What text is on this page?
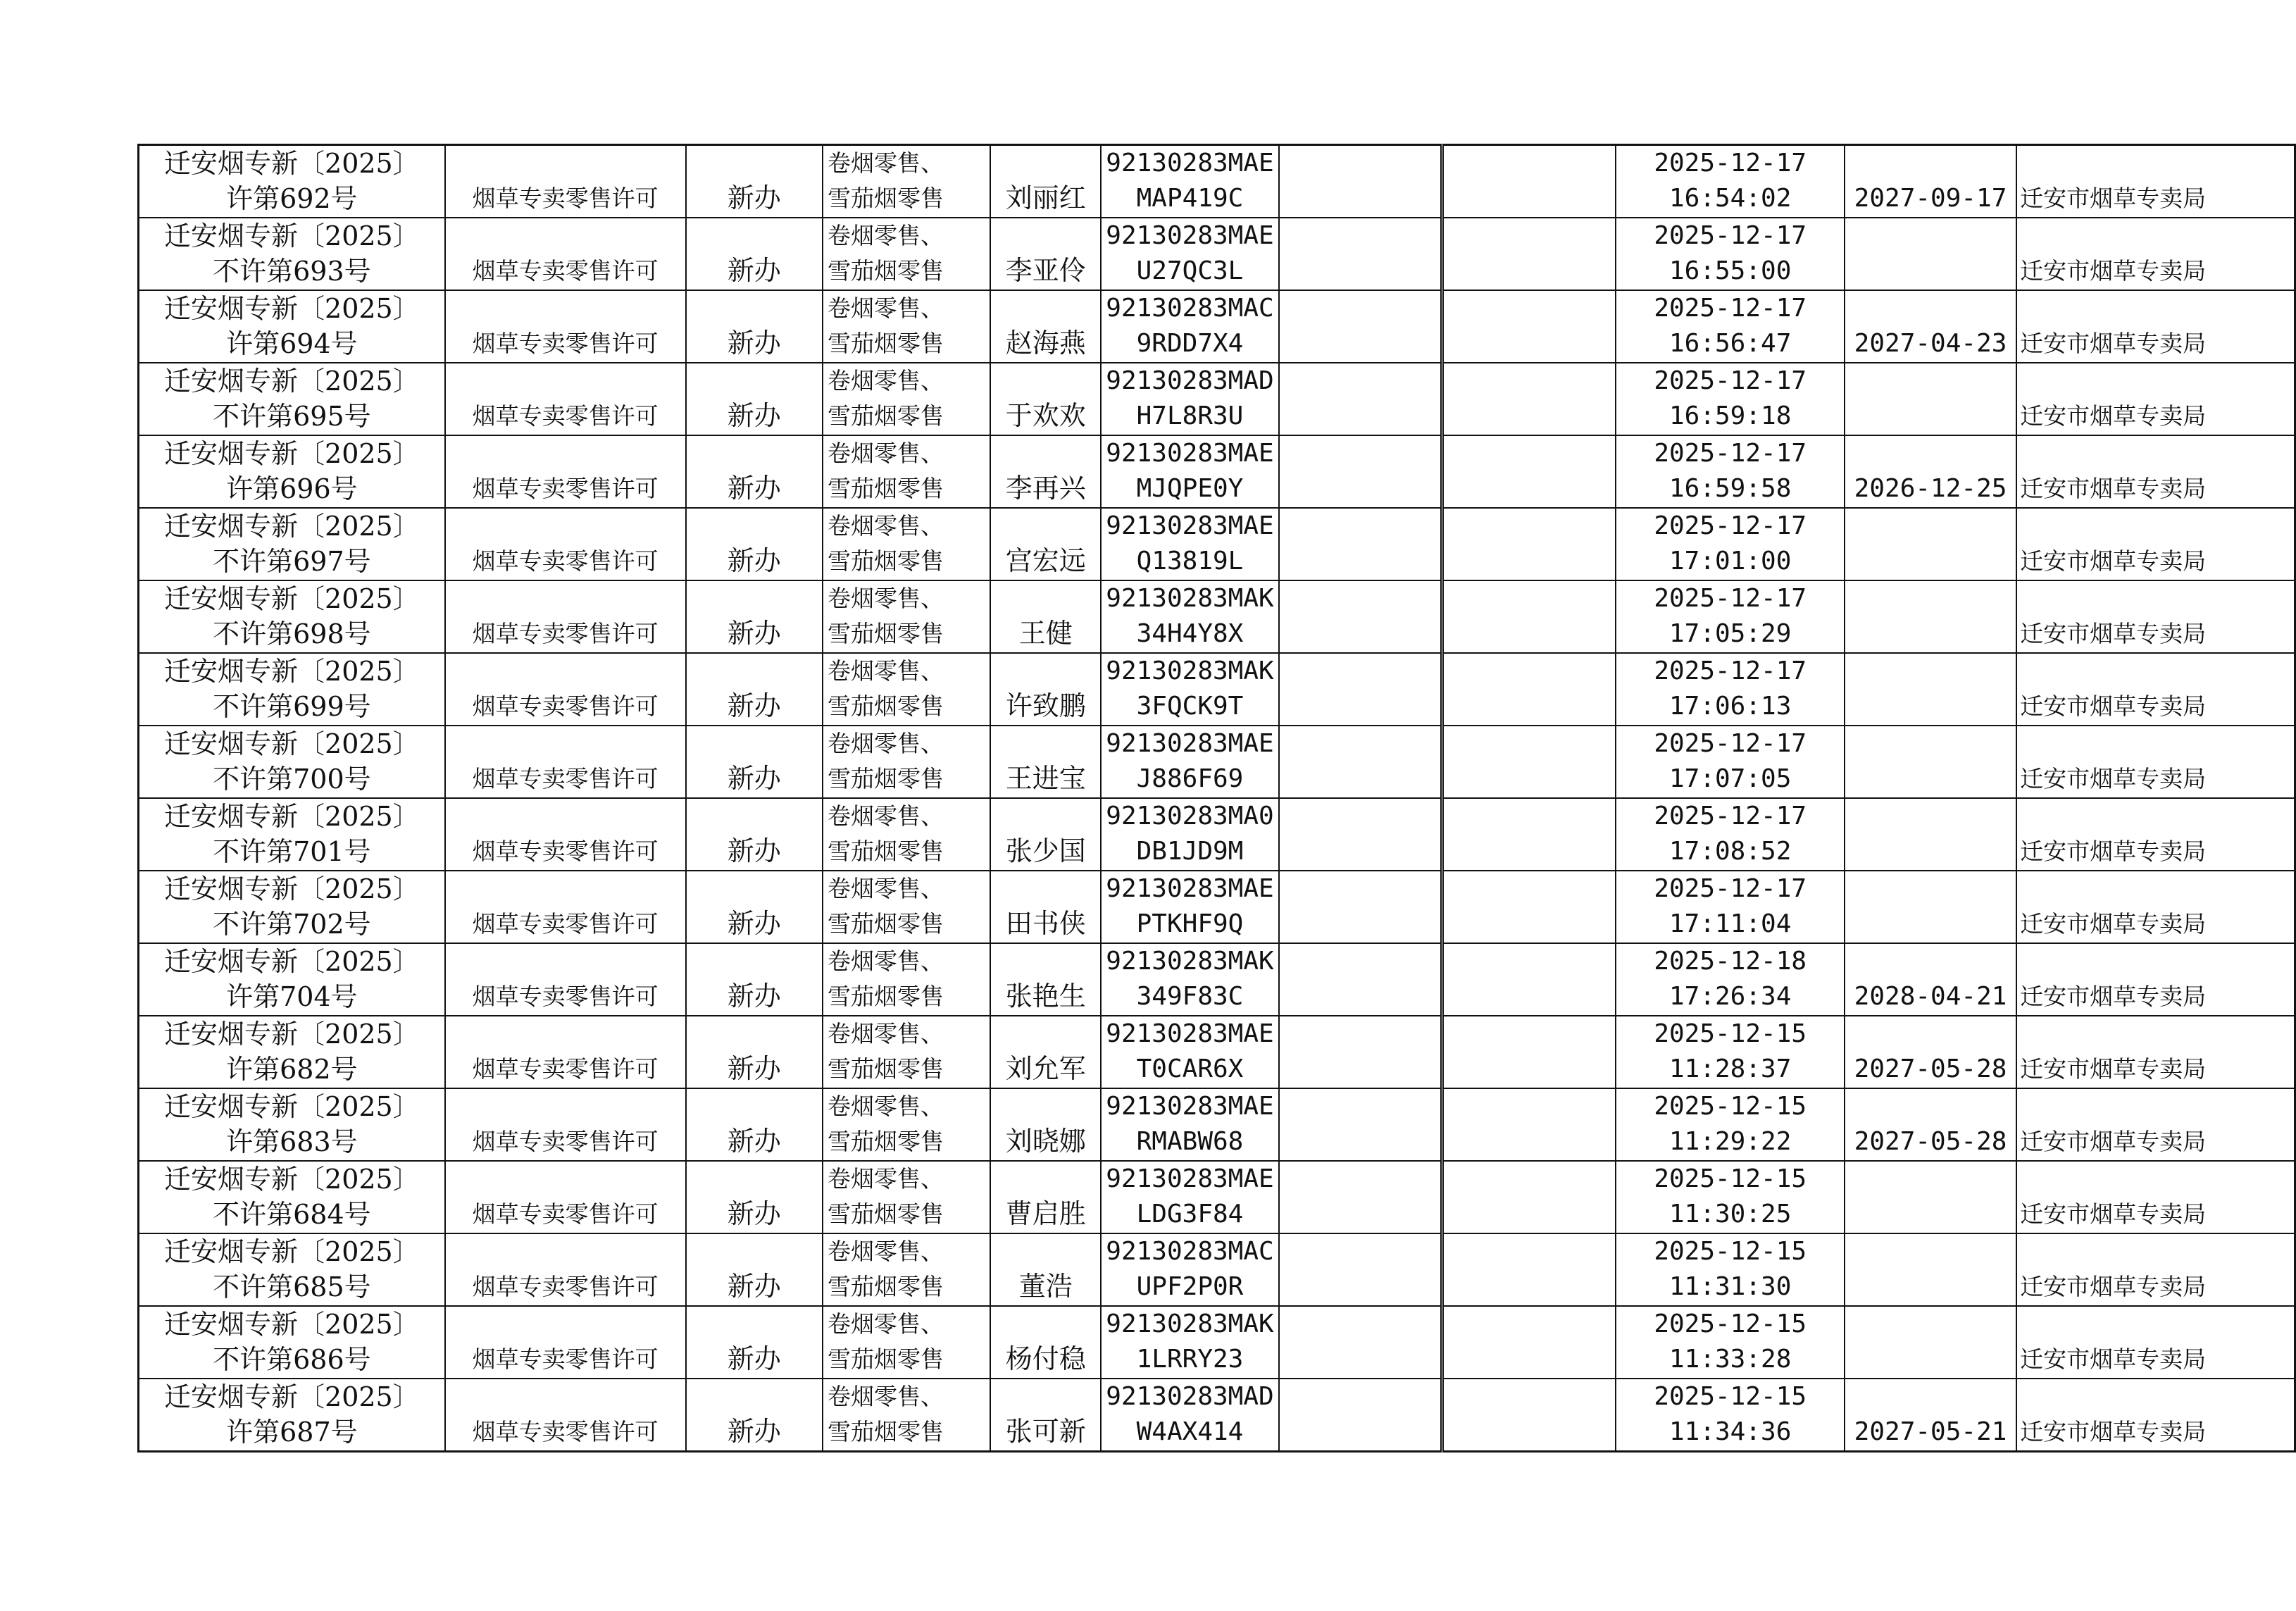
迁安烟专新〔2025〕
许第692号	烟草专卖零售许可	新办	卷烟零售、
雪茄烟零售	刘丽红	92130283MAE
MAP419C			2025-12-17
16:54:02	2027-09-17	迁安市烟草专卖局

迁安烟专新〔2025〕
不许第693号	烟草专卖零售许可	新办	卷烟零售、
雪茄烟零售	李亚伶	92130283MAE
U27QC3L			2025-12-17
16:55:00		迁安市烟草专卖局

迁安烟专新〔2025〕
许第694号	烟草专卖零售许可	新办	卷烟零售、
雪茄烟零售	赵海燕	92130283MAC
9RDD7X4			2025-12-17
16:56:47	2027-04-23	迁安市烟草专卖局

迁安烟专新〔2025〕
不许第695号	烟草专卖零售许可	新办	卷烟零售、
雪茄烟零售	于欢欢	92130283MAD
H7L8R3U			2025-12-17
16:59:18		迁安市烟草专卖局

迁安烟专新〔2025〕
许第696号	烟草专卖零售许可	新办	卷烟零售、
雪茄烟零售	李再兴	92130283MAE
MJQPE0Y			2025-12-17
16:59:58	2026-12-25	迁安市烟草专卖局

迁安烟专新〔2025〕
不许第697号	烟草专卖零售许可	新办	卷烟零售、
雪茄烟零售	宫宏远	92130283MAE
Q13819L			2025-12-17
17:01:00		迁安市烟草专卖局

迁安烟专新〔2025〕
不许第698号	烟草专卖零售许可	新办	卷烟零售、
雪茄烟零售	王健	92130283MAK
34H4Y8X			2025-12-17
17:05:29		迁安市烟草专卖局

迁安烟专新〔2025〕
不许第699号	烟草专卖零售许可	新办	卷烟零售、
雪茄烟零售	许致鹏	92130283MAK
3FQCK9T			2025-12-17
17:06:13		迁安市烟草专卖局

迁安烟专新〔2025〕
不许第700号	烟草专卖零售许可	新办	卷烟零售、
雪茄烟零售	王进宝	92130283MAE
J886F69			2025-12-17
17:07:05		迁安市烟草专卖局

迁安烟专新〔2025〕
不许第701号	烟草专卖零售许可	新办	卷烟零售、
雪茄烟零售	张少国	92130283MA0
DB1JD9M			2025-12-17
17:08:52		迁安市烟草专卖局

迁安烟专新〔2025〕
不许第702号	烟草专卖零售许可	新办	卷烟零售、
雪茄烟零售	田书侠	92130283MAE
PTKHF9Q			2025-12-17
17:11:04		迁安市烟草专卖局

迁安烟专新〔2025〕
许第704号	烟草专卖零售许可	新办	卷烟零售、
雪茄烟零售	张艳生	92130283MAK
349F83C			2025-12-18
17:26:34	2028-04-21	迁安市烟草专卖局

迁安烟专新〔2025〕
许第682号	烟草专卖零售许可	新办	卷烟零售、
雪茄烟零售	刘允军	92130283MAE
T0CAR6X			2025-12-15
11:28:37	2027-05-28	迁安市烟草专卖局

迁安烟专新〔2025〕
许第683号	烟草专卖零售许可	新办	卷烟零售、
雪茄烟零售	刘晓娜	92130283MAE
RMABW68			2025-12-15
11:29:22	2027-05-28	迁安市烟草专卖局

迁安烟专新〔2025〕
不许第684号	烟草专卖零售许可	新办	卷烟零售、
雪茄烟零售	曹启胜	92130283MAE
LDG3F84			2025-12-15
11:30:25		迁安市烟草专卖局

迁安烟专新〔2025〕
不许第685号	烟草专卖零售许可	新办	卷烟零售、
雪茄烟零售	董浩	92130283MAC
UPF2P0R			2025-12-15
11:31:30		迁安市烟草专卖局

迁安烟专新〔2025〕
不许第686号	烟草专卖零售许可	新办	卷烟零售、
雪茄烟零售	杨付稳	92130283MAK
1LRRY23			2025-12-15
11:33:28		迁安市烟草专卖局

迁安烟专新〔2025〕
许第687号	烟草专卖零售许可	新办	卷烟零售、
雪茄烟零售	张可新	92130283MAD
W4AX414			2025-12-15
11:34:36	2027-05-21	迁安市烟草专卖局
